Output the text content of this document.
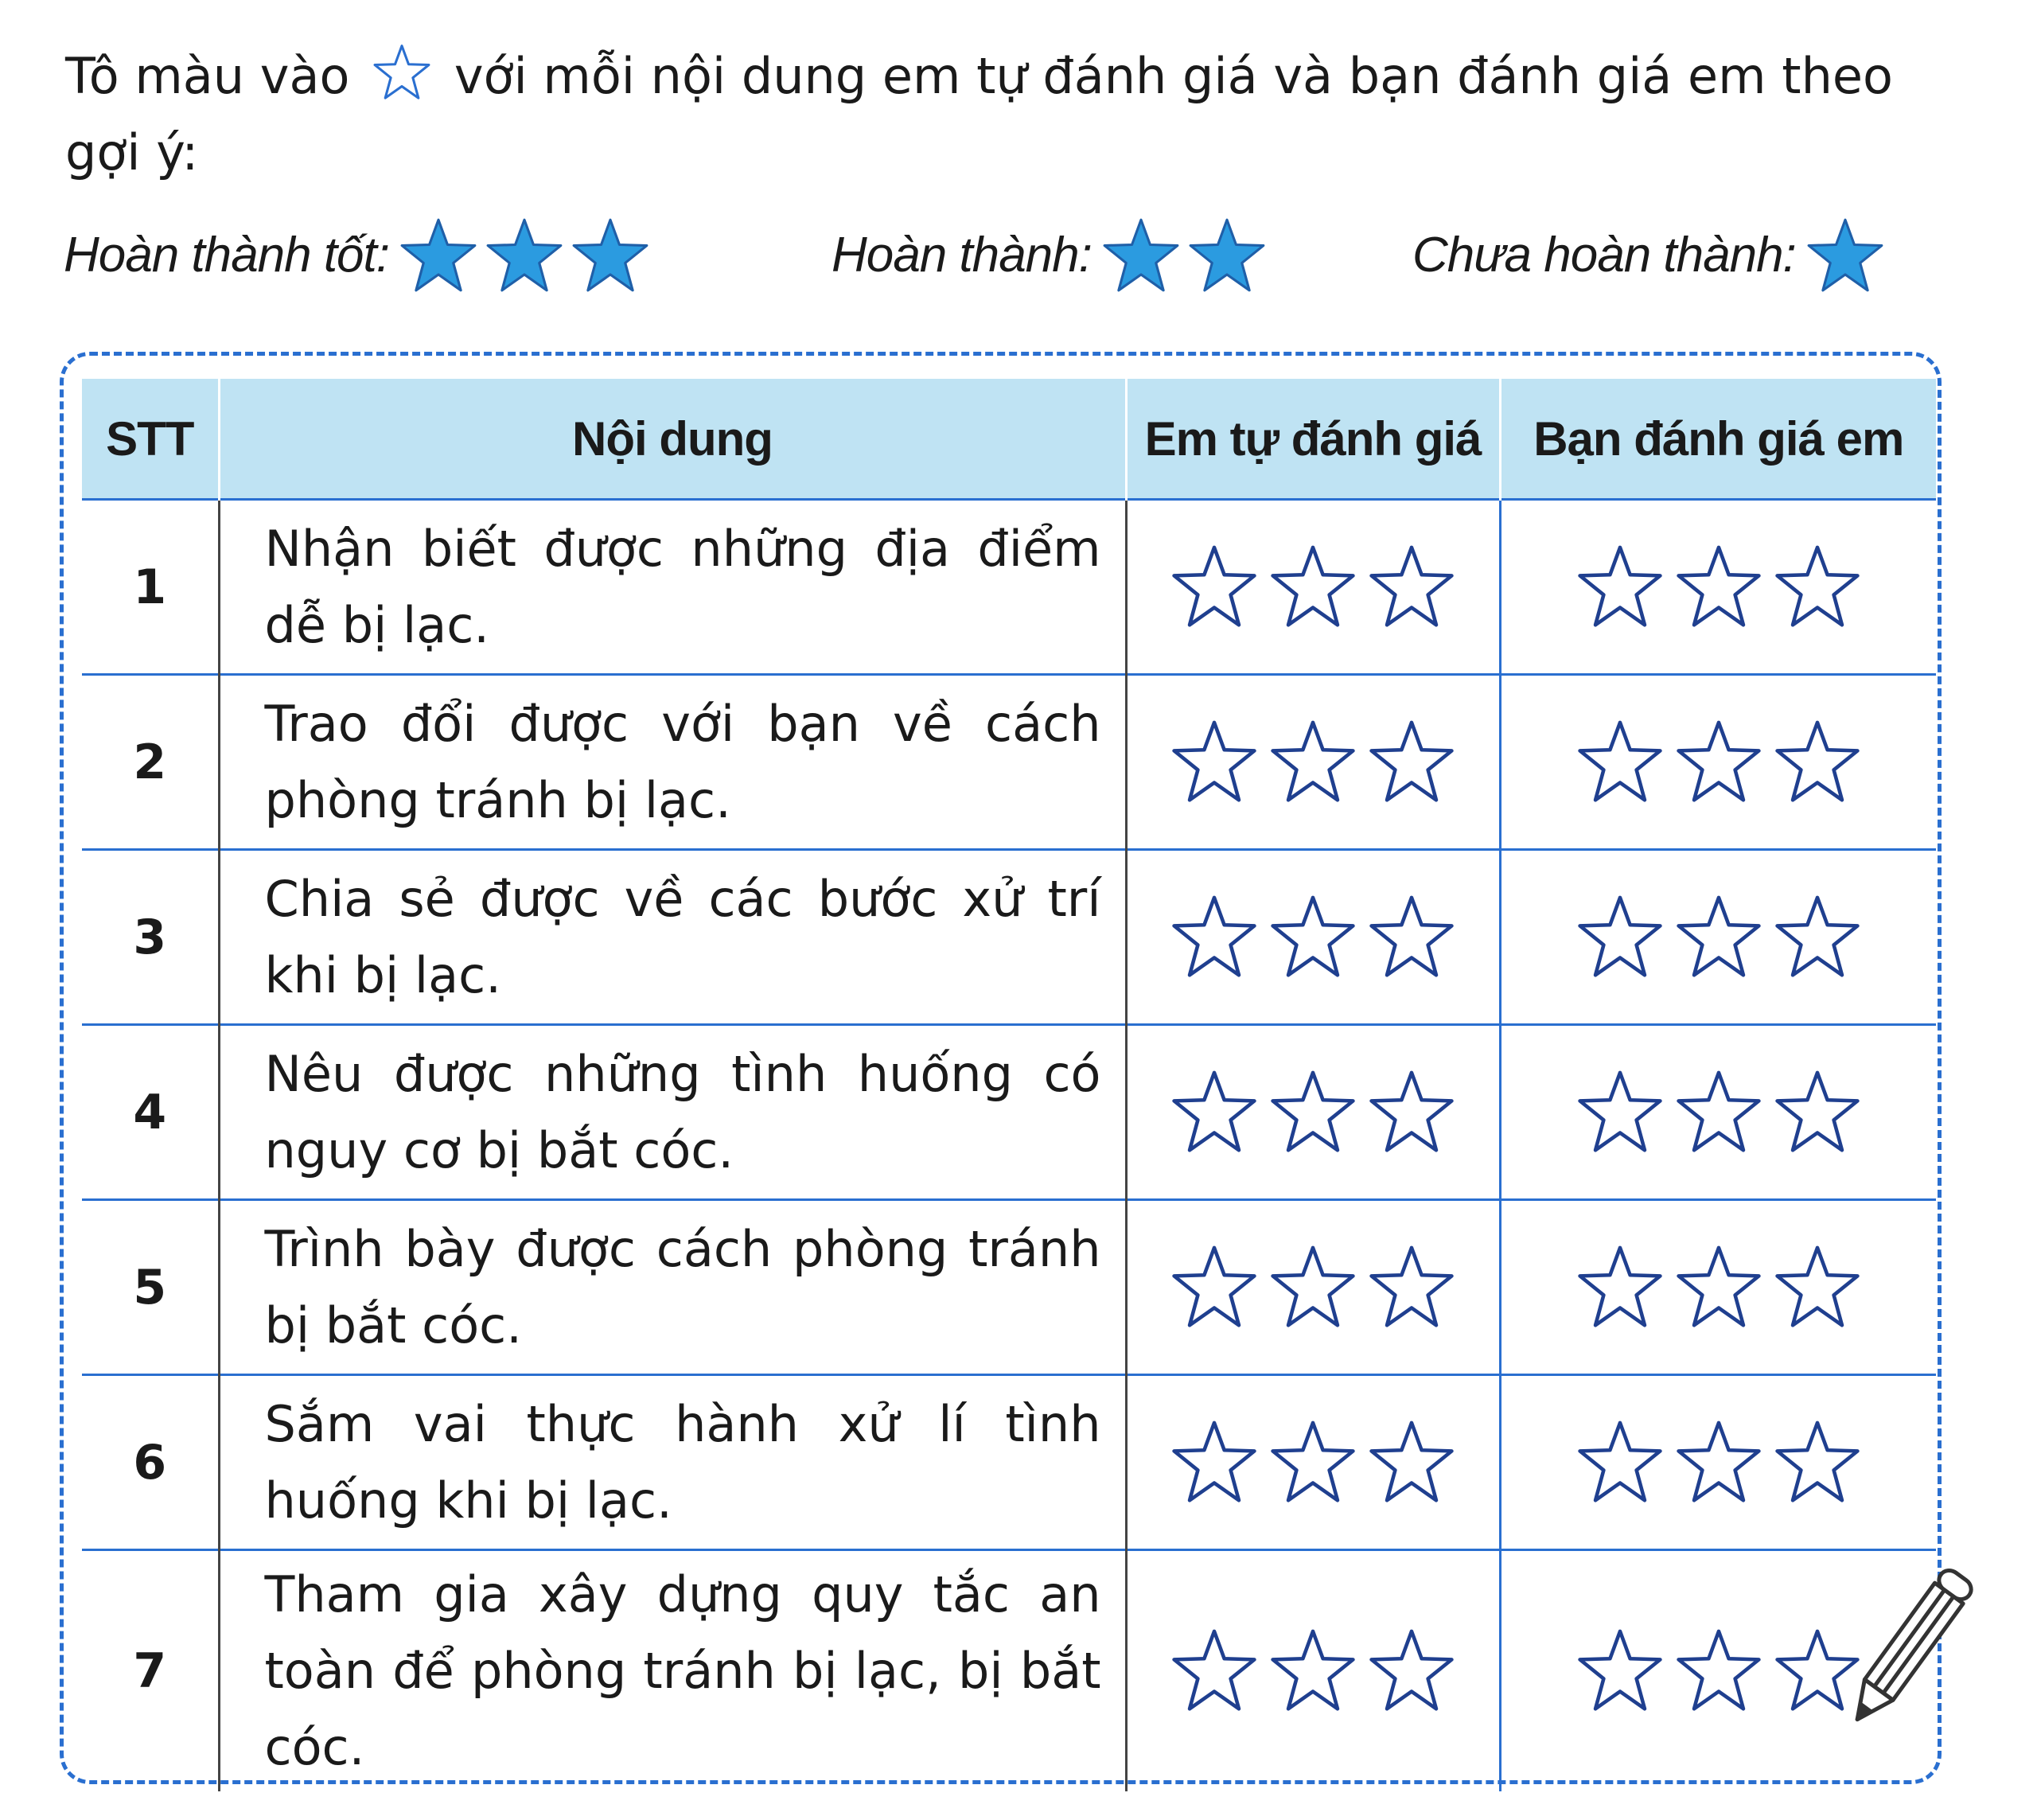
Tô màu vào với mỗi nội dung em tự đánh giá và bạn đánh giá em theo gợi ý:
Hoàn thành tốt:	Hoàn thành:	Chưa hoàn thành:
STT	Nội dung	Em tự đánh giá	Bạn đánh giá em
1	Nhận biết được những địa điểm dễ bị lạc.	

2	Trao đổi được với bạn về cách phòng tránh bị lạc.	

3	Chia sẻ được về các bước xử trí khi bị lạc.	

4	Nêu được những tình huống có nguy cơ bị bắt cóc.	

5	Trình bày được cách phòng tránh bị bắt cóc.	

6	Sắm vai thực hành xử lí tình huống khi bị lạc.	

7	Tham gia xây dựng quy tắc an toàn để phòng tránh bị lạc, bị bắt cóc.	
